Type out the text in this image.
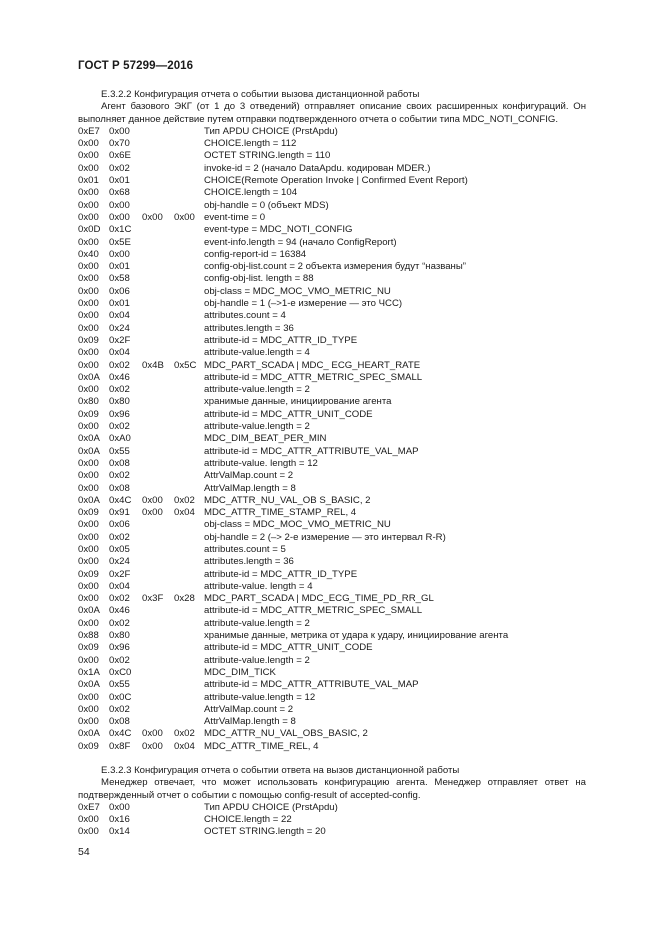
ГОСТ Р 57299—2016
E.3.2.2 Конфигурация отчета о событии вызова дистанционной работы
Агент базового ЭКГ (от 1 до 3 отведений) отправляет описание своих расширенных конфигураций. Он выполняет данное действие путем отправки подтвержденного отчета о событии типа MDC_NOTI_CONFIG.
0xE7	0x00			Тип APDU CHOICE (PrstApdu)
0x00	0x70			CHOICE.length = 112
0x00	0x6E			OCTET STRING.length = 110
0x00	0x02			invoke-id = 2 (начало DataApdu. кодирован MDER.)
0x01	0x01			CHOICE(Remote Operation Invoke | Confirmed Event Report)
0x00	0x68			CHOICE.length = 104
0x00	0x00			obj-handle = 0 (объект MDS)
0x00	0x00	0x00	0x00	event-time = 0
0x0D	0x1C			event-type = MDC_NOTI_CONFIG
0x00	0x5E			event-info.length = 94 (начало ConfigReport)
0x40	0x00			config-report-id = 16384
0x00	0x01			config-obj-list.count = 2 объекта измерения будут “названы”
0x00	0x58			config-obj-list. length = 88
0x00	0x06			obj-class = MDC_MOC_VMO_METRIC_NU
0x00	0x01			obj-handle = 1 (–>1-е измерение — это ЧСС)
0x00	0x04			attributes.count = 4
0x00	0x24			attributes.length = 36
0x09	0x2F			attribute-id = MDC_ATTR_ID_TYPE
0x00	0x04			attribute-value.length = 4
0x00	0x02	0x4B	0x5C	MDC_PART_SCADA | MDC_ ECG_HEART_RATE
0x0A	0x46			attribute-id = MDC_ATTR_METRIC_SPEC_SMALL
0x00	0x02			attribute-value.length = 2
0x80	0x80			хранимые данные, инициирование агента
0x09	0x96			attribute-id = MDC_ATTR_UNIT_CODE
0x00	0x02			attribute-value.length = 2
0x0A	0xA0			MDC_DIM_BEAT_PER_MIN
0x0A	0x55			attribute-id = MDC_ATTR_ATTRIBUTE_VAL_MAP
0x00	0x08			attribute-value. length = 12
0x00	0x02			AttrValMap.count = 2
0x00	0x08			AttrValMap.length = 8
0x0A	0x4C	0x00	0x02	MDC_ATTR_NU_VAL_OB S_BASIC, 2
0x09	0x91	0x00	0x04	MDC_ATTR_TIME_STAMP_REL, 4
0x00	0x06			obj-class = MDC_MOC_VMO_METRIC_NU
0x00	0x02			obj-handle = 2 (–> 2-е измерение — это интервал R-R)
0x00	0x05			attributes.count = 5
0x00	0x24			attributes.length = 36
0x09	0x2F			attribute-id = MDC_ATTR_ID_TYPE
0x00	0x04			attribute-value. length = 4
0x00	0x02	0x3F	0x28	MDC_PART_SCADA | MDC_ECG_TIME_PD_RR_GL
0x0A	0x46			attribute-id = MDC_ATTR_METRIC_SPEC_SMALL
0x00	0x02			attribute-value.length = 2
0x88	0x80			хранимые данные, метрика от удара к удару, инициирование агента
0x09	0x96			attribute-id = MDC_ATTR_UNIT_CODE
0x00	0x02			attribute-value.length = 2
0x1A	0xC0			MDC_DIM_TICK
0x0A	0x55			attribute-id = MDC_ATTR_ATTRIBUTE_VAL_MAP
0x00	0x0C			attribute-value.length = 12
0x00	0x02			AttrValMap.count = 2
0x00	0x08			AttrValMap.length = 8
0x0A	0x4C	0x00	0x02	MDC_ATTR_NU_VAL_OBS_BASIC, 2
0x09	0x8F	0x00	0x04	MDC_ATTR_TIME_REL, 4
E.3.2.3 Конфигурация отчета о событии ответа на вызов дистанционной работы
Менеджер отвечает, что может использовать конфигурацию агента. Менеджер отправляет ответ на подтвержденный отчет о событии с помощью config-result of accepted-config.
0xE7	0x00			Тип APDU CHOICE (PrstApdu)
0x00	0x16			CHOICE.length = 22
0x00	0x14			OCTET STRING.length = 20
54
